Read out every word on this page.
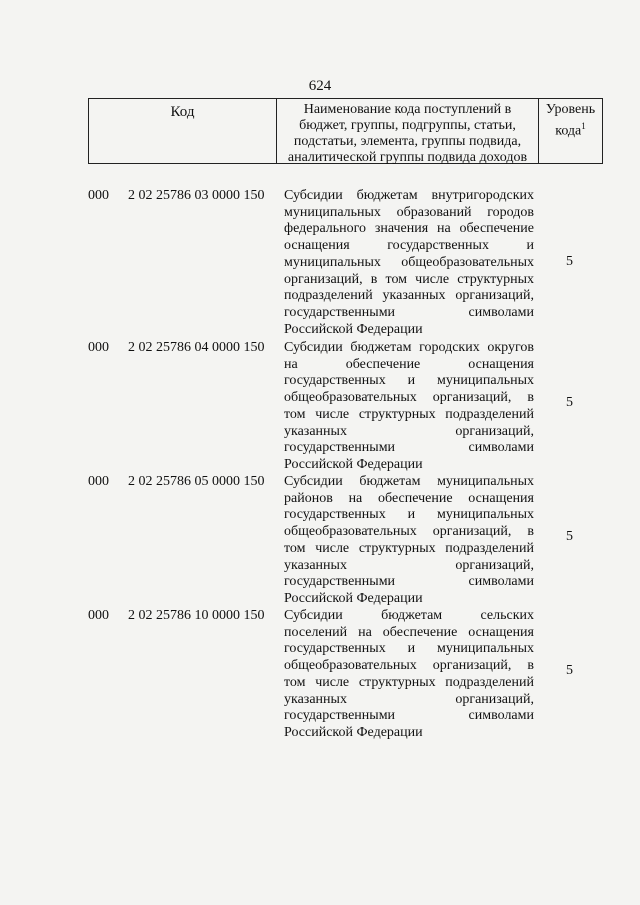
624
Код	Наименование кода поступлений в
бюджет, группы, подгруппы, статьи,
подстатьи, элемента, группы подвида,
аналитической группы подвида доходов
Уровень
кода$^1$
000 2 02 25786 03 0000 150 Субсидии бюджетам внутригородских
муниципальных образований городов
федерального значения на обеспечение
оснащения государственных и
муниципальных общеобразовательных
организаций, в том числе структурных
подразделений указанных организаций,
государственными символами
Российской Федерации
5
000 2 02 25786 04 0000 150 Субсидии бюджетам городских округов
на обеспечение оснащения
государственных и муниципальных
общеобразовательных организаций, в
том числе структурных подразделений
указанных организаций,
государственными символами
Российской Федерации
5
000 2 02 25786 05 0000 150 Субсидии бюджетам муниципальных
районов на обеспечение оснащения
государственных и муниципальных
общеобразовательных организаций, в
том числе структурных подразделений
указанных организаций,
государственными символами
Российской Федерации
5
000 2 02 25786 10 0000 150 Субсидии бюджетам сельских
поселений на обеспечение оснащения
государственных и муниципальных
общеобразовательных организаций, в
том числе структурных подразделений
указанных организаций,
государственными символами
Российской Федерации
5
